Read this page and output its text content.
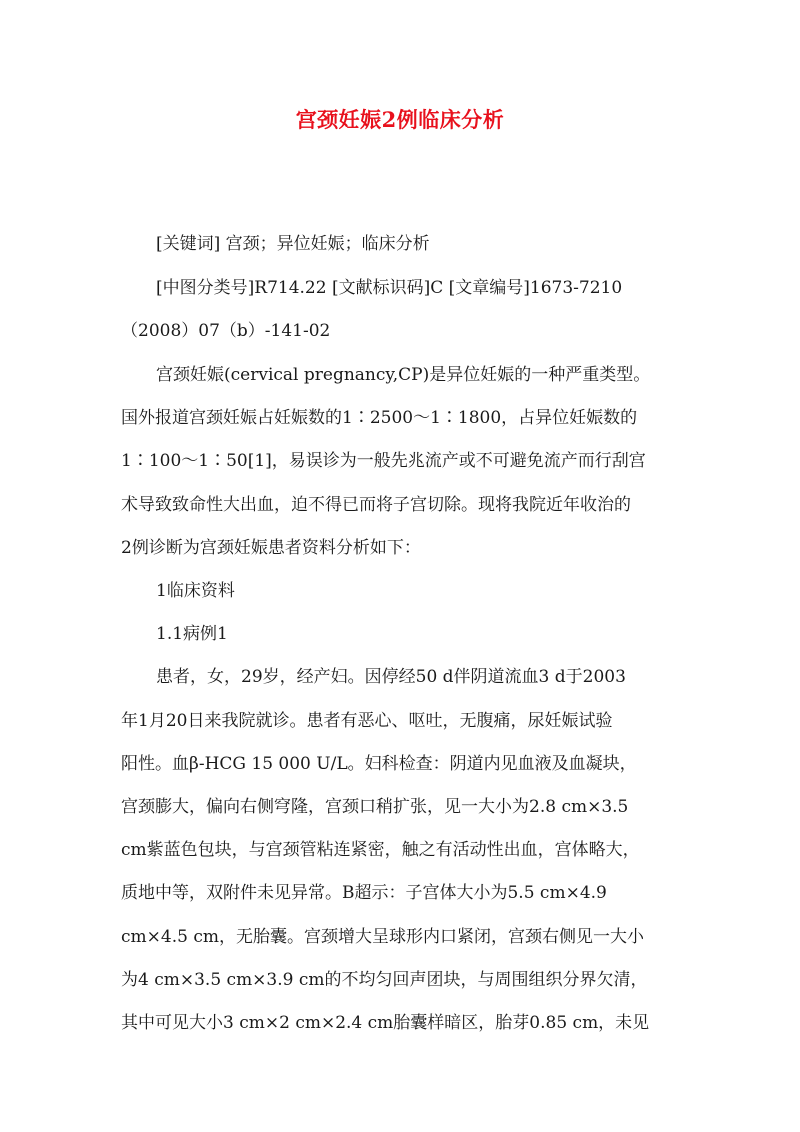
宫颈妊娠2例临床分析
[关键词] 宫颈；异位妊娠；临床分析
[中图分类号]R714.22 [文献标识码]C [文章编号]1673-7210
（2008）07（b）-141-02
宫颈妊娠(cervical pregnancy,CP)是异位妊娠的一种严重类型。
国外报道宫颈妊娠占妊娠数的1∶2500～1∶1800，占异位妊娠数的
1∶100～1∶50[1]，易误诊为一般先兆流产或不可避免流产而行刮宫
术导致致命性大出血，迫不得已而将子宫切除。现将我院近年收治的
2例诊断为宫颈妊娠患者资料分析如下：
1临床资料
1.1病例1
患者，女，29岁，经产妇。因停经50 d伴阴道流血3 d于2003
年1月20日来我院就诊。患者有恶心、呕吐，无腹痛，尿妊娠试验
阳性。血β-HCG 15 000 U/L。妇科检查：阴道内见血液及血凝块，
宫颈膨大，偏向右侧穹隆，宫颈口稍扩张，见一大小为2.8 cm×3.5
cm紫蓝色包块，与宫颈管粘连紧密，触之有活动性出血，宫体略大，
质地中等，双附件未见异常。B超示：子宫体大小为5.5 cm×4.9
cm×4.5 cm，无胎囊。宫颈增大呈球形内口紧闭，宫颈右侧见一大小
为4 cm×3.5 cm×3.9 cm的不均匀回声团块，与周围组织分界欠清，
其中可见大小3 cm×2 cm×2.4 cm胎囊样暗区，胎芽0.85 cm，未见
